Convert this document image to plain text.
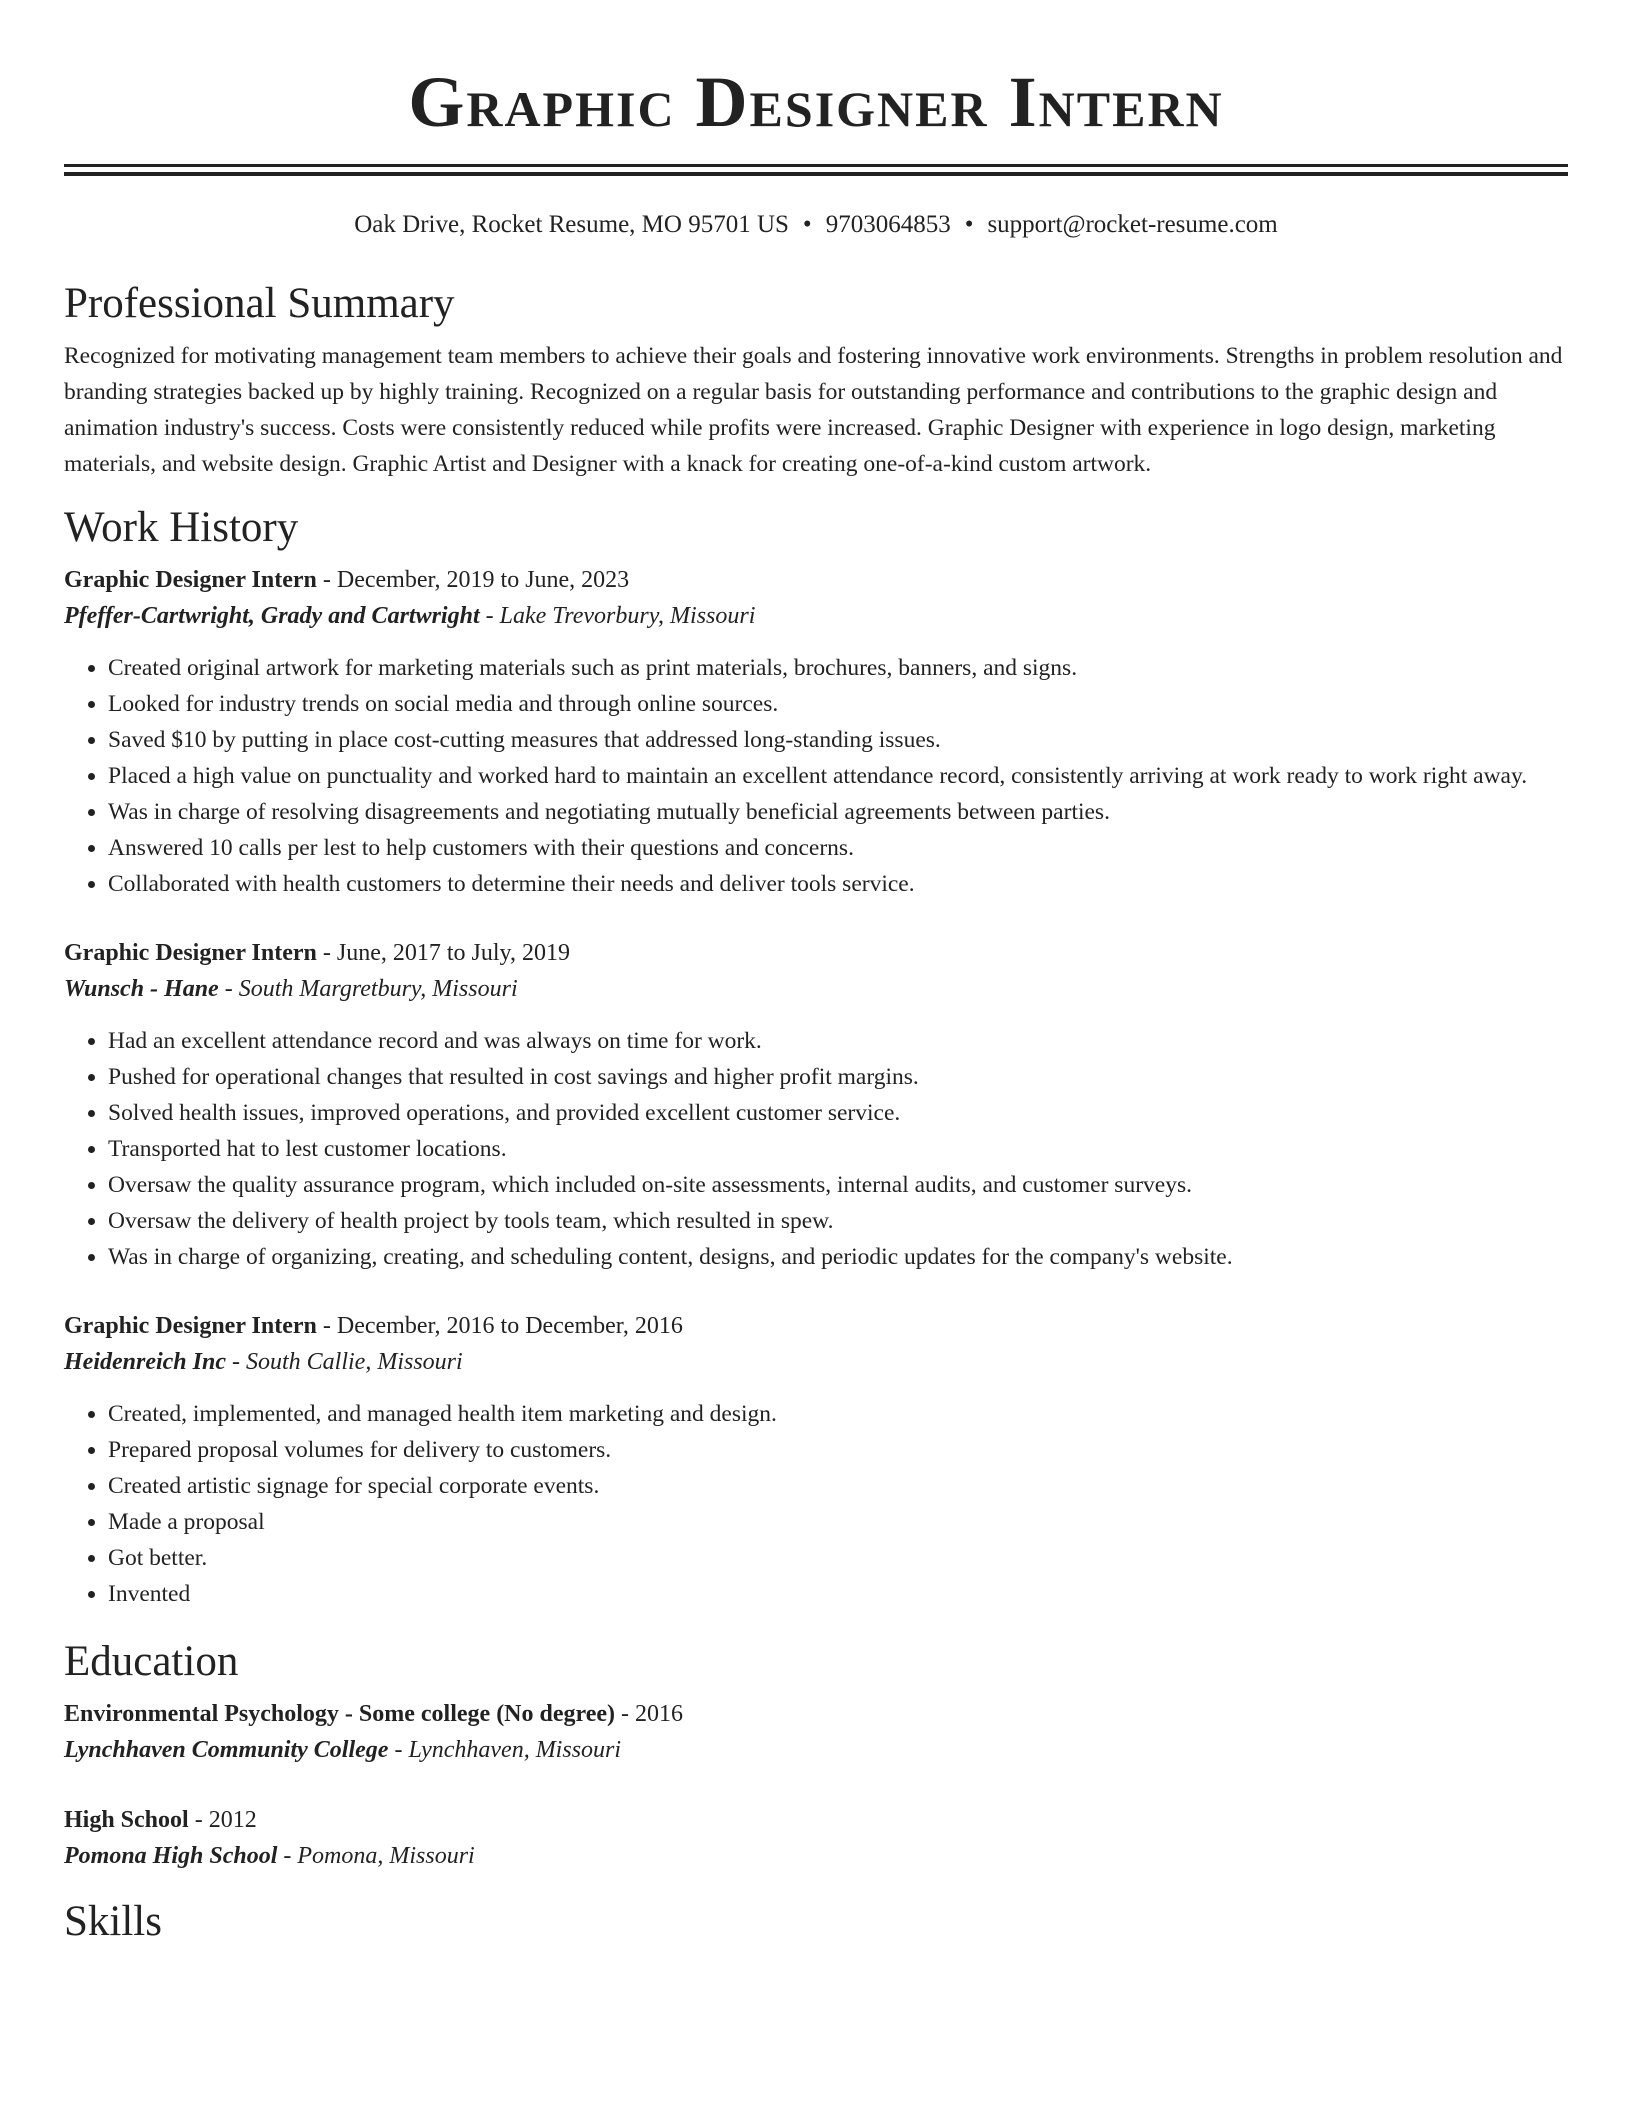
Graphic Designer Intern
Oak Drive, Rocket Resume, MO 95701 US • 9703064853 • support@rocket-resume.com
Professional Summary

Recognized for motivating management team members to achieve their goals and fostering innovative work environments. Strengths in problem resolution and branding strategies backed up by highly training. Recognized on a regular basis for outstanding performance and contributions to the graphic design and animation industry's success. Costs were consistently reduced while profits were increased. Graphic Designer with experience in logo design, marketing materials, and website design. Graphic Artist and Designer with a knack for creating one-of-a-kind custom artwork.

Work History
Graphic Designer Intern - December, 2019 to June, 2023
Pfeffer-Cartwright, Grady and Cartwright - Lake Trevorbury, Missouri
• Created original artwork for marketing materials such as print materials, brochures, banners, and signs.
• Looked for industry trends on social media and through online sources.
• Saved $10 by putting in place cost-cutting measures that addressed long-standing issues.
• Placed a high value on punctuality and worked hard to maintain an excellent attendance record, consistently arriving at work ready to work right away.
• Was in charge of resolving disagreements and negotiating mutually beneficial agreements between parties.
• Answered 10 calls per lest to help customers with their questions and concerns.
• Collaborated with health customers to determine their needs and deliver tools service.
Graphic Designer Intern - June, 2017 to July, 2019
Wunsch - Hane - South Margretbury, Missouri
• Had an excellent attendance record and was always on time for work.
• Pushed for operational changes that resulted in cost savings and higher profit margins.
• Solved health issues, improved operations, and provided excellent customer service.
• Transported hat to lest customer locations.
• Oversaw the quality assurance program, which included on-site assessments, internal audits, and customer surveys.
• Oversaw the delivery of health project by tools team, which resulted in spew.
• Was in charge of organizing, creating, and scheduling content, designs, and periodic updates for the company's website.
Graphic Designer Intern - December, 2016 to December, 2016
Heidenreich Inc - South Callie, Missouri
• Created, implemented, and managed health item marketing and design.
• Prepared proposal volumes for delivery to customers.
• Created artistic signage for special corporate events.
• Made a proposal
• Got better.
• Invented
Education
Environmental Psychology - Some college (No degree) - 2016
Lynchhaven Community College - Lynchhaven, Missouri
High School - 2012
Pomona High School - Pomona, Missouri
Skills
